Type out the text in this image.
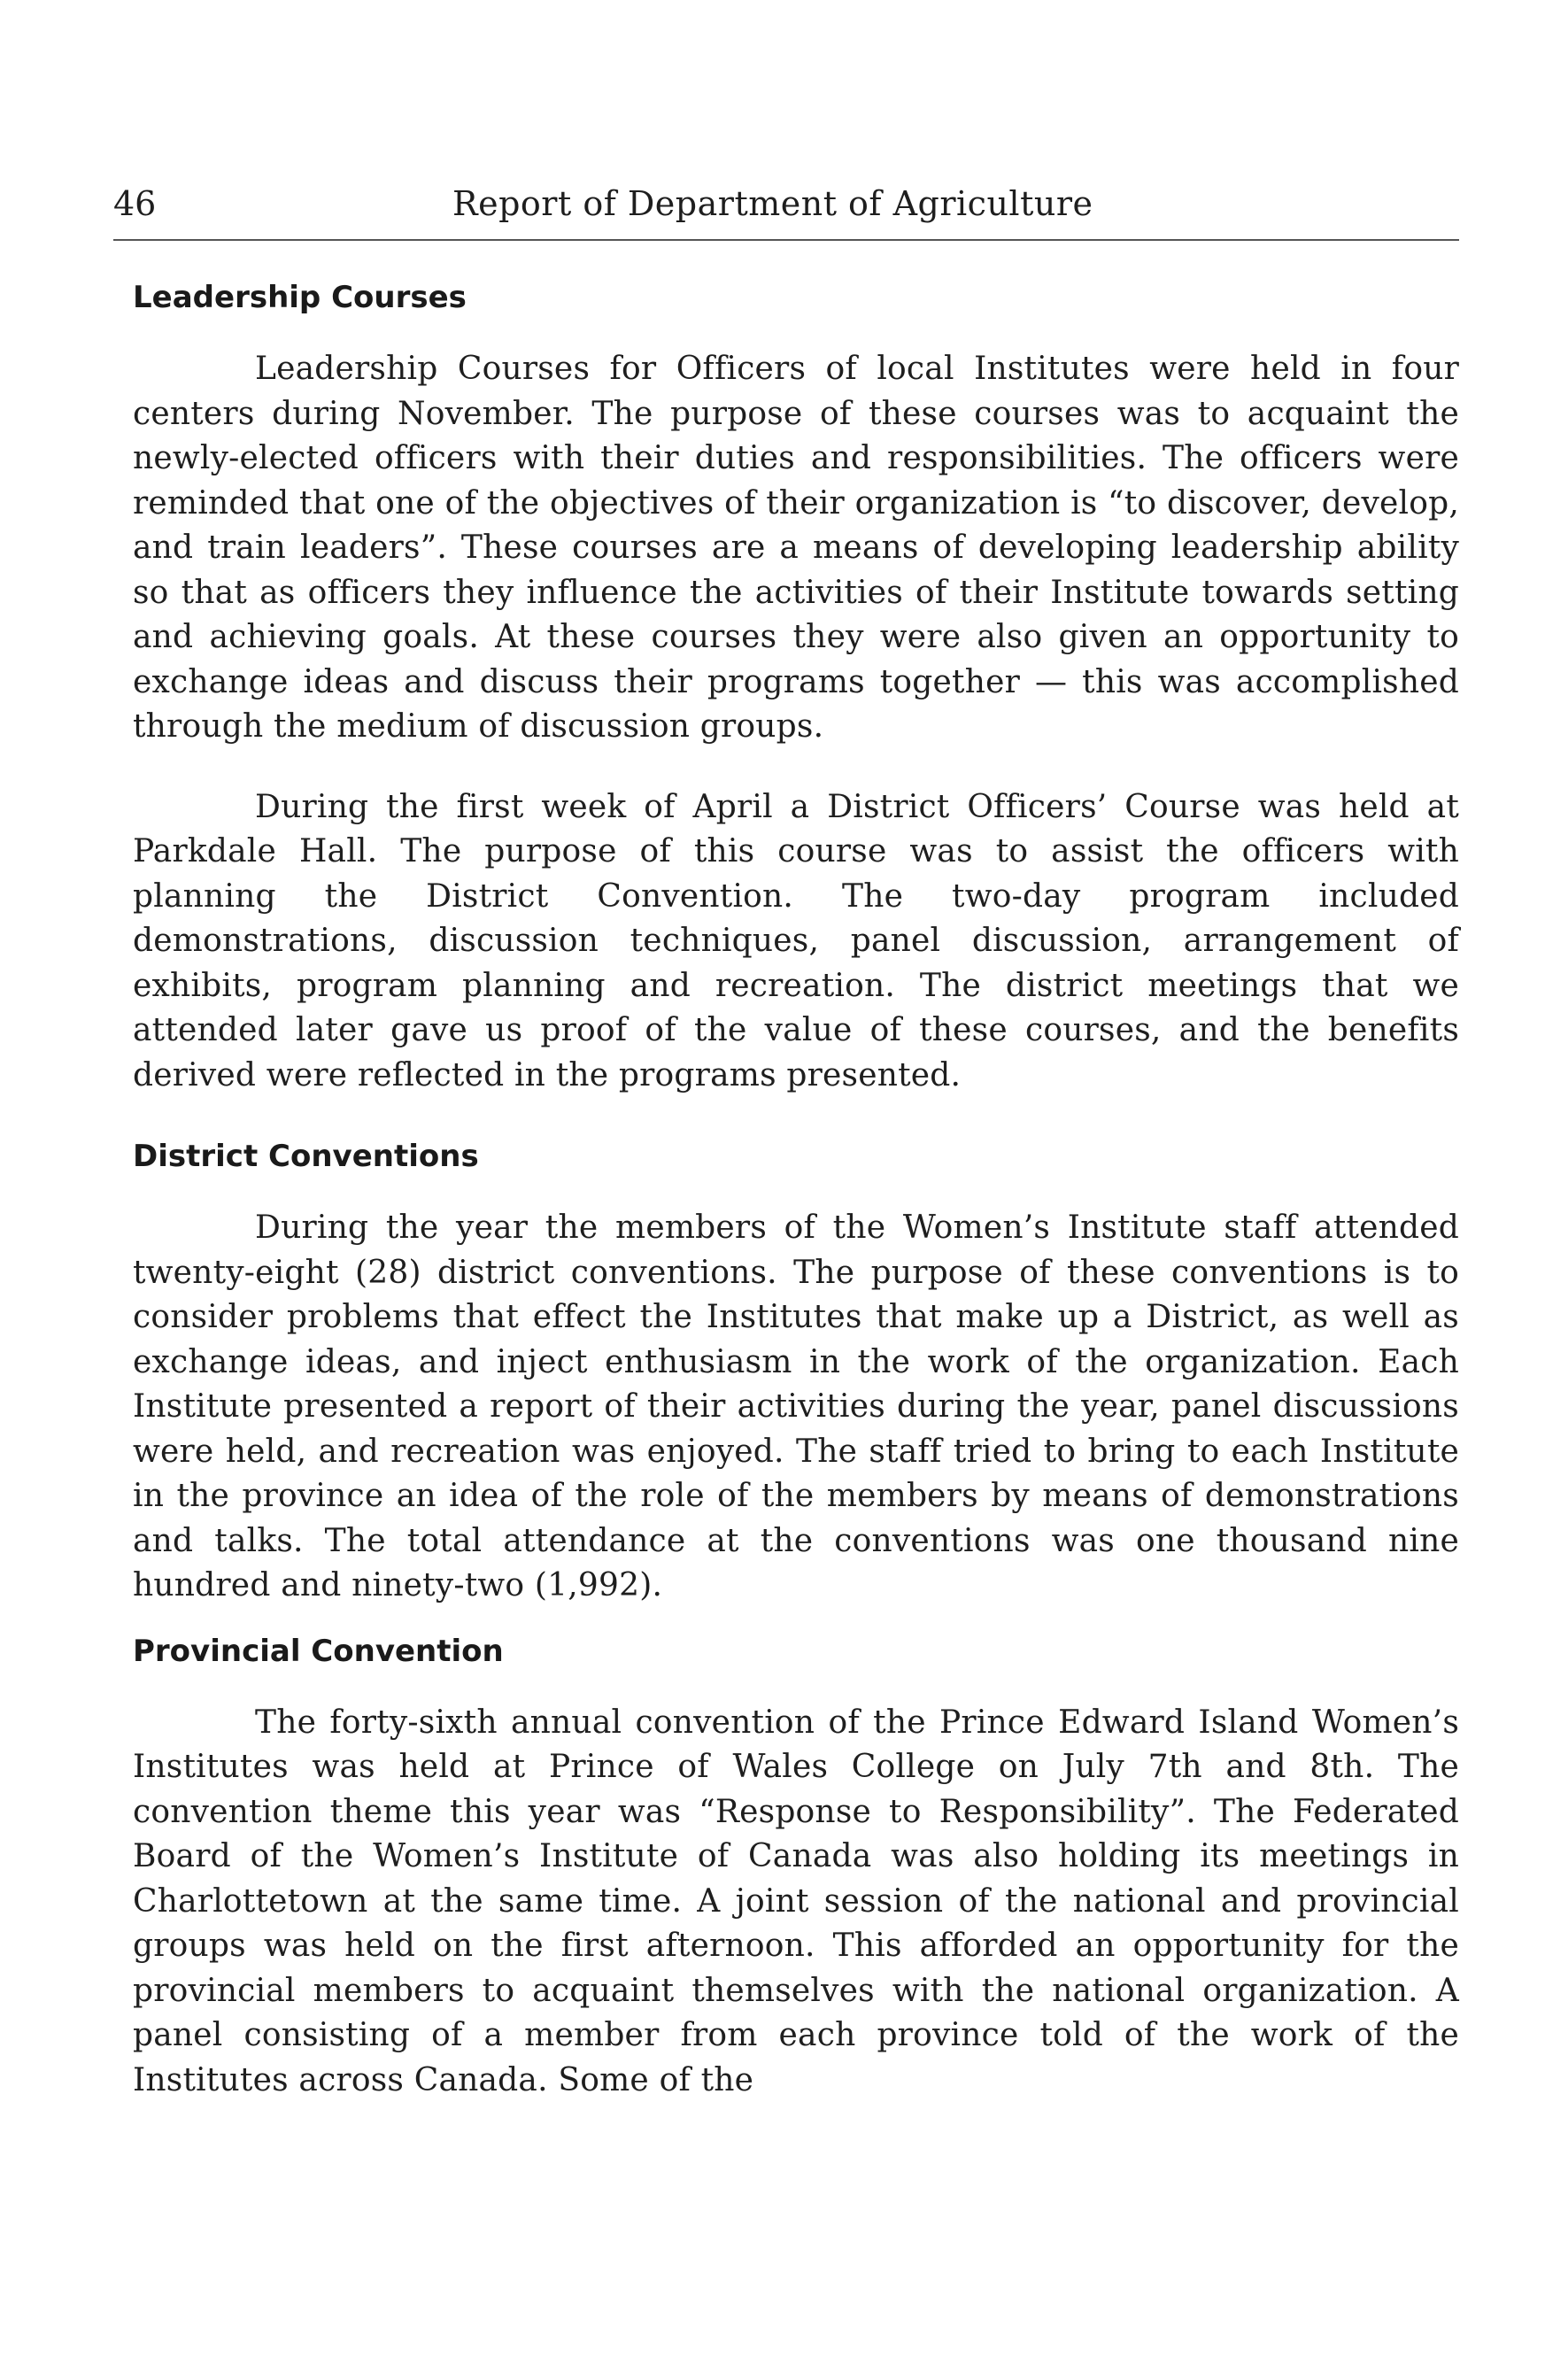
46	Report of Department of Agriculture
Leadership Courses

Leadership Courses for Officers of local Institutes were held in four centers during November. The purpose of these courses was to acquaint the newly-elected officers with their duties and responsibilities. The officers were reminded that one of the objectives of their organization is “to discover, develop, and train leaders”. These courses are a means of developing leadership ability so that as officers they influence the activities of their Institute towards setting and achieving goals. At these courses they were also given an opportunity to exchange ideas and discuss their programs together — this was accomplished through the medium of discussion groups.

During the first week of April a District Officers’ Course was held at Parkdale Hall. The purpose of this course was to assist the officers with planning the District Convention. The two-day program included demonstrations, discussion techniques, panel discussion, arrangement of exhibits, program planning and recreation. The district meetings that we attended later gave us proof of the value of these courses, and the benefits derived were reflected in the programs presented.

District Conventions

During the year the members of the Women’s Institute staff attended twenty-eight (28) district conventions. The purpose of these conventions is to consider problems that effect the Institutes that make up a District, as well as exchange ideas, and inject enthusiasm in the work of the organization. Each Institute presented a report of their activities during the year, panel discussions were held, and recreation was enjoyed. The staff tried to bring to each Institute in the province an idea of the role of the members by means of demonstrations and talks. The total attendance at the conventions was one thousand nine hundred and ninety-two (1,992).

Provincial Convention

The forty-sixth annual convention of the Prince Edward Island Women’s Institutes was held at Prince of Wales College on July 7th and 8th. The convention theme this year was “Response to Responsibility”. The Federated Board of the Women’s Institute of Canada was also holding its meetings in Charlottetown at the same time. A joint session of the national and provincial groups was held on the first afternoon. This afforded an opportunity for the provincial members to acquaint themselves with the national organization. A panel consisting of a member from each province told of the work of the Institutes across Canada. Some of the
